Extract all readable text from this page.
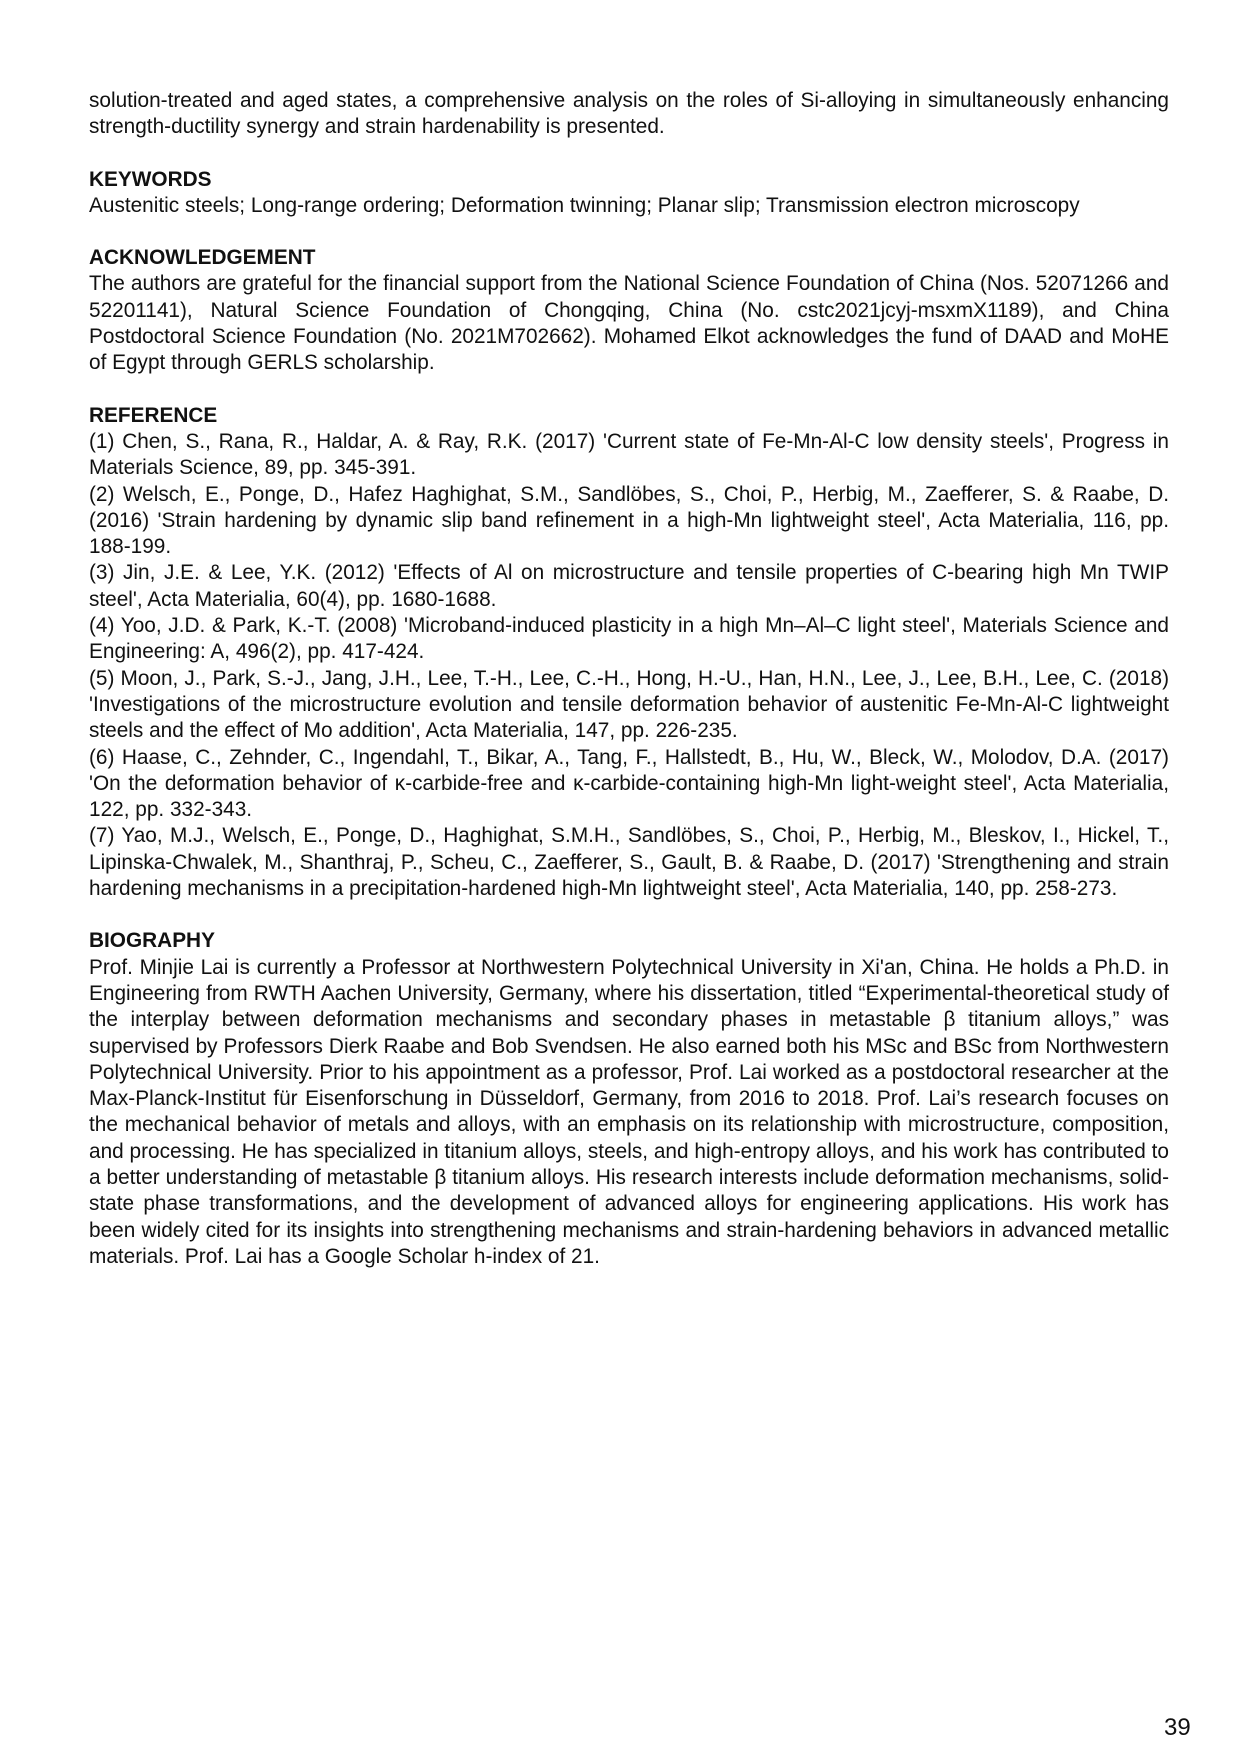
solution-treated and aged states, a comprehensive analysis on the roles of Si-alloying in simultaneously enhancing strength-ductility synergy and strain hardenability is presented.

KEYWORDS

Austenitic steels; Long-range ordering; Deformation twinning; Planar slip; Transmission electron microscopy

ACKNOWLEDGEMENT

The authors are grateful for the financial support from the National Science Foundation of China (Nos. 52071266 and 52201141), Natural Science Foundation of Chongqing, China (No. cstc2021jcyj-msxmX1189), and China Postdoctoral Science Foundation (No. 2021M702662). Mohamed Elkot acknowledges the fund of DAAD and MoHE of Egypt through GERLS scholarship.

REFERENCE

(1) Chen, S., Rana, R., Haldar, A. & Ray, R.K. (2017) 'Current state of Fe-Mn-Al-C low density steels', Progress in Materials Science, 89, pp. 345-391.

(2) Welsch, E., Ponge, D., Hafez Haghighat, S.M., Sandlöbes, S., Choi, P., Herbig, M., Zaefferer, S. & Raabe, D. (2016) 'Strain hardening by dynamic slip band refinement in a high-Mn lightweight steel', Acta Materialia, 116, pp. 188-199.

(3) Jin, J.E. & Lee, Y.K. (2012) 'Effects of Al on microstructure and tensile properties of C-bearing high Mn TWIP steel', Acta Materialia, 60(4), pp. 1680-1688.

(4) Yoo, J.D. & Park, K.-T. (2008) 'Microband-induced plasticity in a high Mn–Al–C light steel', Materials Science and Engineering: A, 496(2), pp. 417-424.

(5) Moon, J., Park, S.-J., Jang, J.H., Lee, T.-H., Lee, C.-H., Hong, H.-U., Han, H.N., Lee, J., Lee, B.H., Lee, C. (2018) 'Investigations of the microstructure evolution and tensile deformation behavior of austenitic Fe-Mn-Al-C lightweight steels and the effect of Mo addition', Acta Materialia, 147, pp. 226-235.

(6) Haase, C., Zehnder, C., Ingendahl, T., Bikar, A., Tang, F., Hallstedt, B., Hu, W., Bleck, W., Molodov, D.A. (2017) 'On the deformation behavior of κ-carbide-free and κ-carbide-containing high-Mn light-weight steel', Acta Materialia, 122, pp. 332-343.

(7) Yao, M.J., Welsch, E., Ponge, D., Haghighat, S.M.H., Sandlöbes, S., Choi, P., Herbig, M., Bleskov, I., Hickel, T., Lipinska-Chwalek, M., Shanthraj, P., Scheu, C., Zaefferer, S., Gault, B. & Raabe, D. (2017) 'Strengthening and strain hardening mechanisms in a precipitation-hardened high-Mn lightweight steel', Acta Materialia, 140, pp. 258-273.

BIOGRAPHY

Prof. Minjie Lai is currently a Professor at Northwestern Polytechnical University in Xi'an, China. He holds a Ph.D. in Engineering from RWTH Aachen University, Germany, where his dissertation, titled “Experimental-theoretical study of the interplay between deformation mechanisms and secondary phases in metastable β titanium alloys,” was supervised by Professors Dierk Raabe and Bob Svendsen. He also earned both his MSc and BSc from Northwestern Polytechnical University. Prior to his appointment as a professor, Prof. Lai worked as a postdoctoral researcher at the Max-Planck-Institut für Eisenforschung in Düsseldorf, Germany, from 2016 to 2018. Prof. Lai’s research focuses on the mechanical behavior of metals and alloys, with an emphasis on its relationship with microstructure, composition, and processing. He has specialized in titanium alloys, steels, and high-entropy alloys, and his work has contributed to a better understanding of metastable β titanium alloys. His research interests include deformation mechanisms, solid-state phase transformations, and the development of advanced alloys for engineering applications. His work has been widely cited for its insights into strengthening mechanisms and strain-hardening behaviors in advanced metallic materials. Prof. Lai has a Google Scholar h-index of 21.

39
